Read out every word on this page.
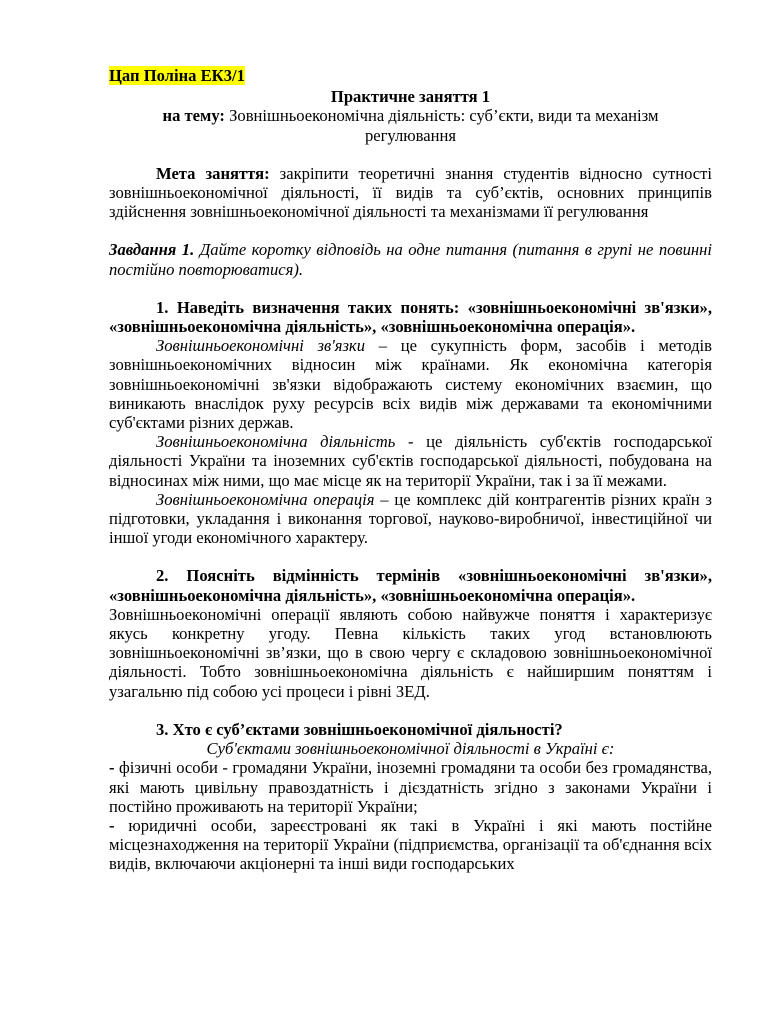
Цап Поліна ЕК3/1

Практичне заняття 1

на тему: Зовнішньоекономічна діяльність: суб’єкти, види та механізм регулювання

Мета заняття: закріпити теоретичні знання студентів відносно сутності зовнішньоекономічної діяльності, її видів та суб’єктів, основних принципів здійснення зовнішньоекономічної діяльності та механізмами її регулювання

Завдання 1. Дайте коротку відповідь на одне питання (питання в групі не повинні постійно повторюватися).

1. Наведіть визначення таких понять: «зовнішньоекономічні зв'язки», «зовнішньоекономічна діяльність», «зовнішньоекономічна операція».

Зовнішньоекономічні зв'язки – це сукупність форм, засобів і методів зовнішньоекономічних відносин між країнами. Як економічна категорія зовнішньоекономічні зв'язки відображають систему економічних взаємин, що виникають внаслідок руху ресурсів всіх видів між державами та економічними суб'єктами різних держав.

Зовнішньоекономічна діяльність - це діяльність суб'єктів господарської діяльності України та іноземних суб'єктів господарської діяльності, побудована на відносинах між ними, що має місце як на території України, так і за її межами.

Зовнішньоекономічна операція – це комплекс дій контрагентів різних країн з підготовки, укладання і виконання торгової, науково-виробничої, інвестиційної чи іншої угоди економічного характеру.

2. Поясніть відмінність термінів «зовнішньоекономічні зв'язки», «зовнішньоекономічна діяльність», «зовнішньоекономічна операція».

Зовнішньоекономічні операції являють собою найвужче поняття і характеризує якусь конкретну угоду. Певна кількість таких угод встановлюють зовнішньоекономічні зв’язки, що в свою чергу є складовою зовнішньоекономічної діяльності. Тобто зовнішньоекономічна діяльність є найширшим поняттям і узагальню під собою усі процеси і рівні ЗЕД.

3. Хто є суб’єктами зовнішньоекономічної діяльності?

Суб'єктами зовнішньоекономічної діяльності в Україні є:

- фізичні особи - громадяни України, іноземні громадяни та особи без громадянства, які мають цивільну правоздатність і дієздатність згідно з законами України і постійно проживають на території України;

- юридичні особи, зареєстровані як такі в Україні і які мають постійне місцезнаходження на території України (підприємства, організації та об'єднання всіх видів, включаючи акціонерні та інші види господарських
